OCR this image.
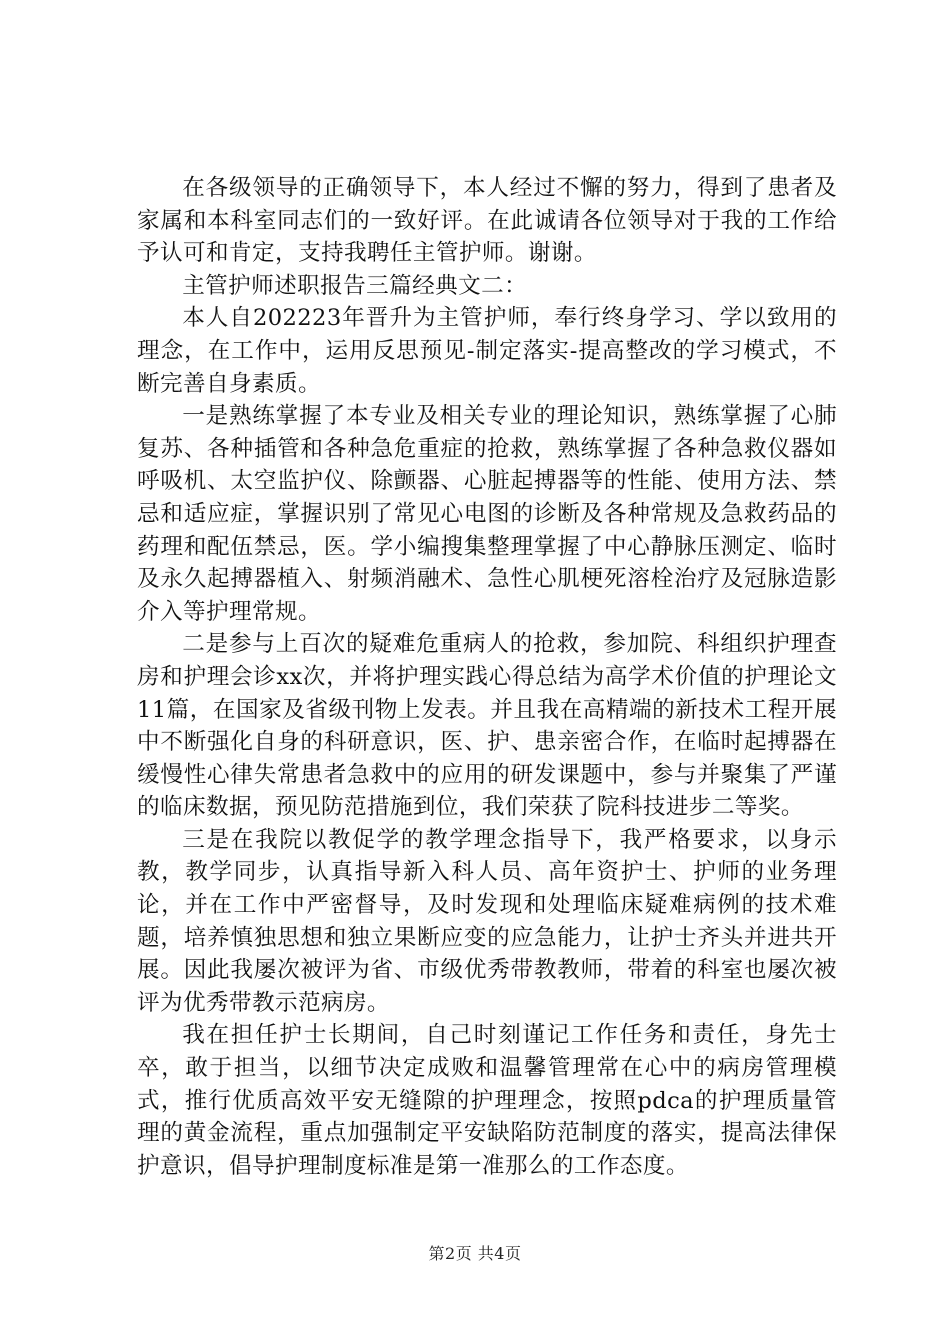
在各级领导的正确领导下，本人经过不懈的努力，得到了患者及家属和本科室同志们的一致好评。在此诚请各位领导对于我的工作给予认可和肯定，支持我聘任主管护师。谢谢。

主管护师述职报告三篇经典文二：

本人自202223年晋升为主管护师，奉行终身学习、学以致用的理念，在工作中，运用反思预见-制定落实-提高整改的学习模式，不断完善自身素质。

一是熟练掌握了本专业及相关专业的理论知识，熟练掌握了心肺复苏、各种插管和各种急危重症的抢救，熟练掌握了各种急救仪器如呼吸机、太空监护仪、除颤器、心脏起搏器等的性能、使用方法、禁忌和适应症，掌握识别了常见心电图的诊断及各种常规及急救药品的药理和配伍禁忌，医。学小编搜集整理掌握了中心静脉压测定、临时及永久起搏器植入、射频消融术、急性心肌梗死溶栓治疗及冠脉造影介入等护理常规。

二是参与上百次的疑难危重病人的抢救，参加院、科组织护理查房和护理会诊xx次，并将护理实践心得总结为高学术价值的护理论文11篇，在国家及省级刊物上发表。并且我在高精端的新技术工程开展中不断强化自身的科研意识，医、护、患亲密合作，在临时起搏器在缓慢性心律失常患者急救中的应用的研发课题中，参与并聚集了严谨的临床数据，预见防范措施到位，我们荣获了院科技进步二等奖。

三是在我院以教促学的教学理念指导下，我严格要求，以身示教，教学同步，认真指导新入科人员、高年资护士、护师的业务理论，并在工作中严密督导，及时发现和处理临床疑难病例的技术难题，培养慎独思想和独立果断应变的应急能力，让护士齐头并进共开展。因此我屡次被评为省、市级优秀带教教师，带着的科室也屡次被评为优秀带教示范病房。

我在担任护士长期间，自己时刻谨记工作任务和责任，身先士卒，敢于担当，以细节决定成败和温馨管理常在心中的病房管理模式，推行优质高效平安无缝隙的护理理念，按照pdca的护理质量管理的黄金流程，重点加强制定平安缺陷防范制度的落实，提高法律保护意识，倡导护理制度标准是第一准那么的工作态度。

第2页 共4页
